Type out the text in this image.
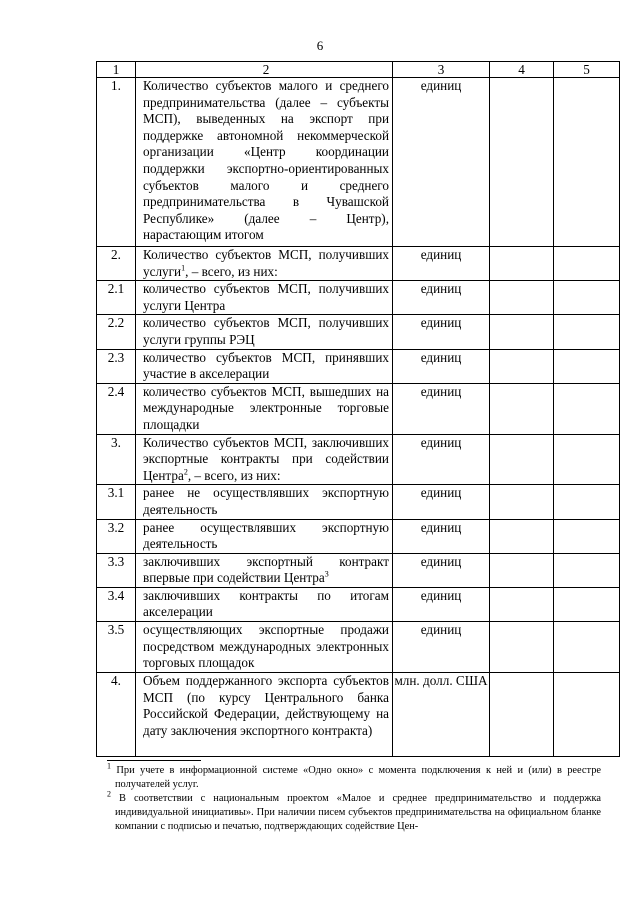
6
1	2	3	4	5
1.	Количество субъектов малого и среднего предпринимательства (далее – субъекты МСП), выведенных на экспорт при поддержке автономной некоммерческой организации «Центр координации поддержки экспортно-ориентированных субъектов малого и среднего предпринимательства в Чувашской Республике» (далее – Центр), нарастающим итогом	единиц		
2.	Количество субъектов МСП, получивших услуги$^1$, – всего, из них:	единиц		
2.1	количество субъектов МСП, получивших услуги Центра	единиц		
2.2	количество субъектов МСП, получивших услуги группы РЭЦ	единиц		
2.3	количество субъектов МСП, принявших участие в акселерации	единиц		
2.4	количество субъектов МСП, вышедших на международные электронные торговые площадки	единиц		
3.	Количество субъектов МСП, заключивших экспортные контракты при содействии Центра$^2$, – всего, из них:	единиц		
3.1	ранее не осуществлявших экспортную деятельность	единиц		
3.2	ранее осуществлявших экспортную деятельность	единиц		
3.3	заключивших экспортный контракт впервые при содействии Центра$^3$	единиц		
3.4	заключивших контракты по итогам акселерации	единиц		
3.5	осуществляющих экспортные продажи посредством международных электронных торговых площадок	единиц		
4.	Объем поддержанного экспорта субъектов МСП (по курсу Центрального банка Российской Федерации, действующему на дату заключения экспортного контракта)	млн. долл. США		
$^1$ При учете в информационной системе «Одно окно» с момента подключения к ней и (или) в реестре получателей услуг.
$^2$ В соответствии с национальным проектом «Малое и среднее предпринимательство и поддержка индивидуальной инициативы». При наличии писем субъектов предпринимательства на официальном бланке компании с подписью и печатью, подтверждающих содействие Цен-
